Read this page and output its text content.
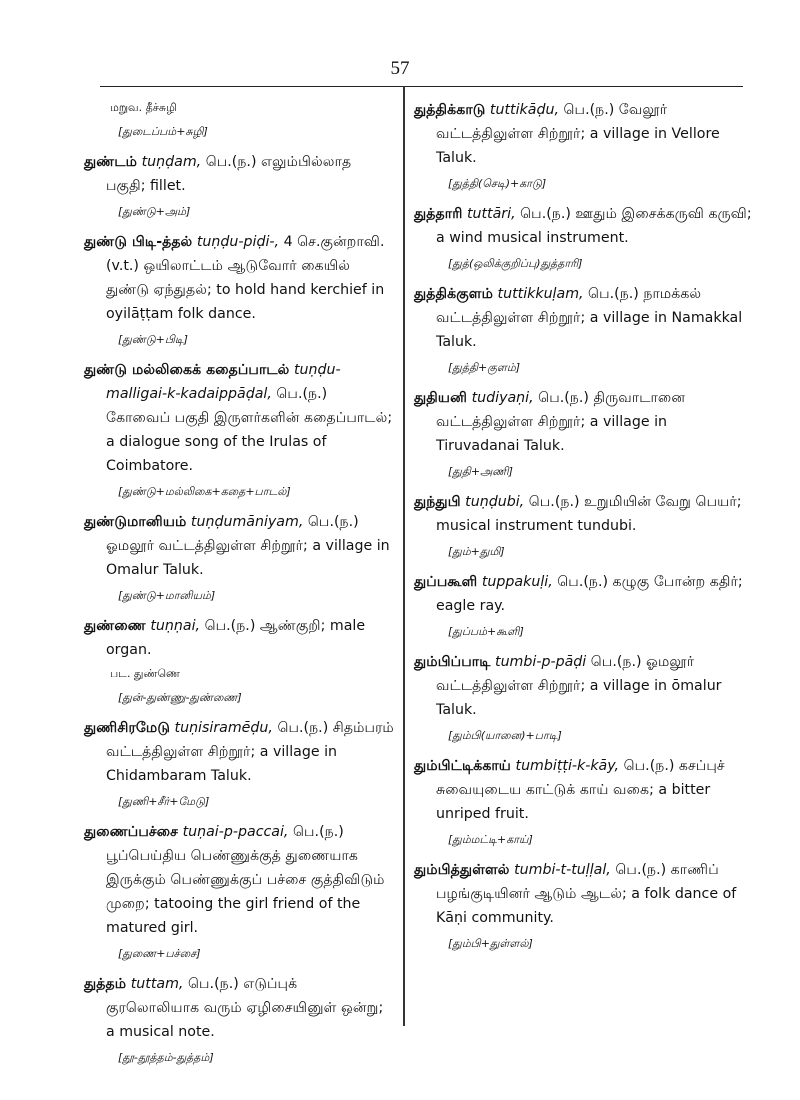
57

மறுவ. தீச்சுழி

[துடைப்பம்+சுழி]

துண்டம் tuṇḍam, பெ.(ந.) எலும்பில்லாத பகுதி; fillet.

[துண்டு+அம்]

துண்டு பிடி-த்தல் tuṇḍu-piḍi-, 4 செ.குன்றாவி. (v.t.) ஒயிலாட்டம் ஆடுவோர் கையில் துண்டு ஏந்துதல்; to hold hand kerchief in oyilāṭṭam folk dance.

[துண்டு+பிடி]

துண்டு மல்லிகைக் கதைப்பாடல் tuṇḍu-malligai-k-kadaippāḍal, பெ.(ந.) கோவைப் பகுதி இருளர்களின் கதைப்பாடல்; a dialogue song of the Irulas of Coimbatore.

[துண்டு+மல்லிகை+கதை+பாடல்]

துண்டுமானியம் tuṇḍumāniyam, பெ.(ந.) ஓமலூர் வட்டத்திலுள்ள சிற்றூர்; a village in Omalur Taluk.

[துண்டு+மானியம்]

துண்ணை tuṇṇai, பெ.(ந.) ஆண்குறி; male organ.

பட. துண்ணெ

[துன்-துண்ணு-துண்ணை]

துணிசிரமேடு tuṇisiramēḍu, பெ.(ந.) சிதம்பரம் வட்டத்திலுள்ள சிற்றூர்; a village in Chidambaram Taluk.

[துணி+சீர்+மேடு]

துணைப்பச்சை tuṇai-p-paccai, பெ.(ந.) பூப்பெய்திய பெண்ணுக்குத் துணையாக இருக்கும் பெண்ணுக்குப் பச்சை குத்திவிடும் முறை; tatooing the girl friend of the matured girl.

[துணை+பச்சை]

துத்தம் tuttam, பெ.(ந.) எடுப்புக் குரலொலியாக வரும் ஏழிசையினுள் ஒன்று; a musical note.

[தூ-தூத்தம்-துத்தம்]

துத்திக்காடு tuttikāḍu, பெ.(ந.) வேலூர் வட்டத்திலுள்ள சிற்றூர்; a village in Vellore Taluk.

[துத்தி(செடி)+காடு]

துத்தாரி tuttāri, பெ.(ந.) ஊதும் இசைக்கருவி கருவி; a wind musical instrument.

[துத்(ஒலிக்குறிப்பு)துத்தாரி]

துத்திக்குளம் tuttikkuḷam, பெ.(ந.) நாமக்கல் வட்டத்திலுள்ள சிற்றூர்; a village in Namakkal Taluk.

[துத்தி+குளம்]

துதியனி tudiyaṇi, பெ.(ந.) திருவாடானை வட்டத்திலுள்ள சிற்றூர்; a village in Tiruvadanai Taluk.

[துதி+அணி]

துந்துபி tuṇḍubi, பெ.(ந.) உறுமியின் வேறு பெயர்; musical instrument tundubi.

[தும்+துமி]

துப்பகூளி tuppakuḷi, பெ.(ந.) கழுகு போன்ற கதிர்; eagle ray.

[துப்பம்+கூளி]

தும்பிப்பாடி tumbi-p-pāḍi பெ.(ந.) ஓமலூர் வட்டத்திலுள்ள சிற்றூர்; a village in ōmalur Taluk.

[தும்பி(யானை)+பாடி]

தும்பிட்டிக்காய் tumbiṭṭi-k-kāy, பெ.(ந.) கசப்புச் சுவையுடைய காட்டுக் காய் வகை; a bitter unriped fruit.

[தும்மட்டி+காய்]

தும்பித்துள்ளல் tumbi-t-tuḷḷal, பெ.(ந.) காணிப் பழங்குடியினர் ஆடும் ஆடல்; a folk dance of Kāṇi community.

[தும்பி+துள்ளல்]
